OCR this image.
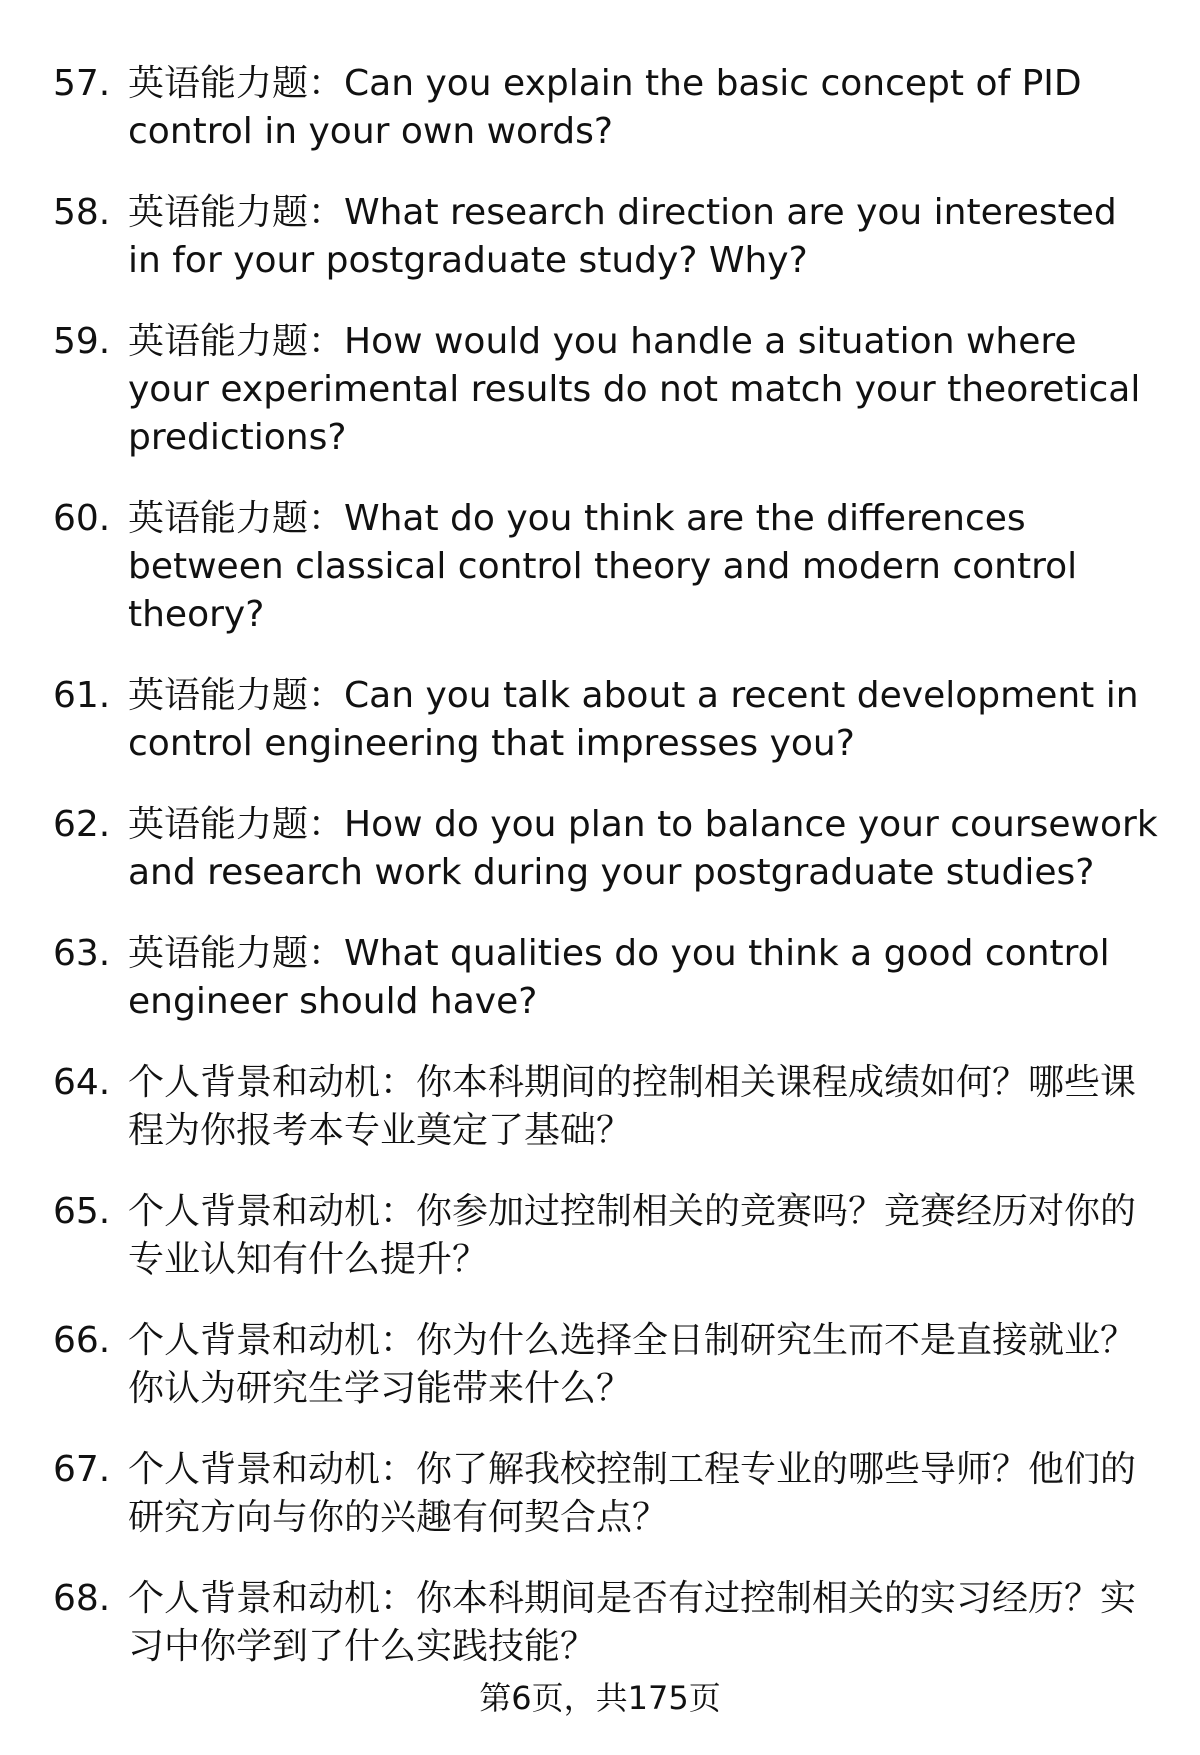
57. 英语能力题：Can you explain the basic concept of PID control in your own words?
58. 英语能力题：What research direction are you interested in for your postgraduate study? Why?
59. 英语能力题：How would you handle a situation where your experimental results do not match your theoretical predictions?
60. 英语能力题：What do you think are the differences between classical control theory and modern control theory?
61. 英语能力题：Can you talk about a recent development in control engineering that impresses you?
62. 英语能力题：How do you plan to balance your coursework and research work during your postgraduate studies?
63. 英语能力题：What qualities do you think a good control engineer should have?
64. 个人背景和动机：你本科期间的控制相关课程成绩如何？哪些课程为你报考本专业奠定了基础？
65. 个人背景和动机：你参加过控制相关的竞赛吗？竞赛经历对你的专业认知有什么提升？
66. 个人背景和动机：你为什么选择全日制研究生而不是直接就业？你认为研究生学习能带来什么？
67. 个人背景和动机：你了解我校控制工程专业的哪些导师？他们的研究方向与你的兴趣有何契合点？
68. 个人背景和动机：你本科期间是否有过控制相关的实习经历？实习中你学到了什么实践技能？
第6页，共175页
